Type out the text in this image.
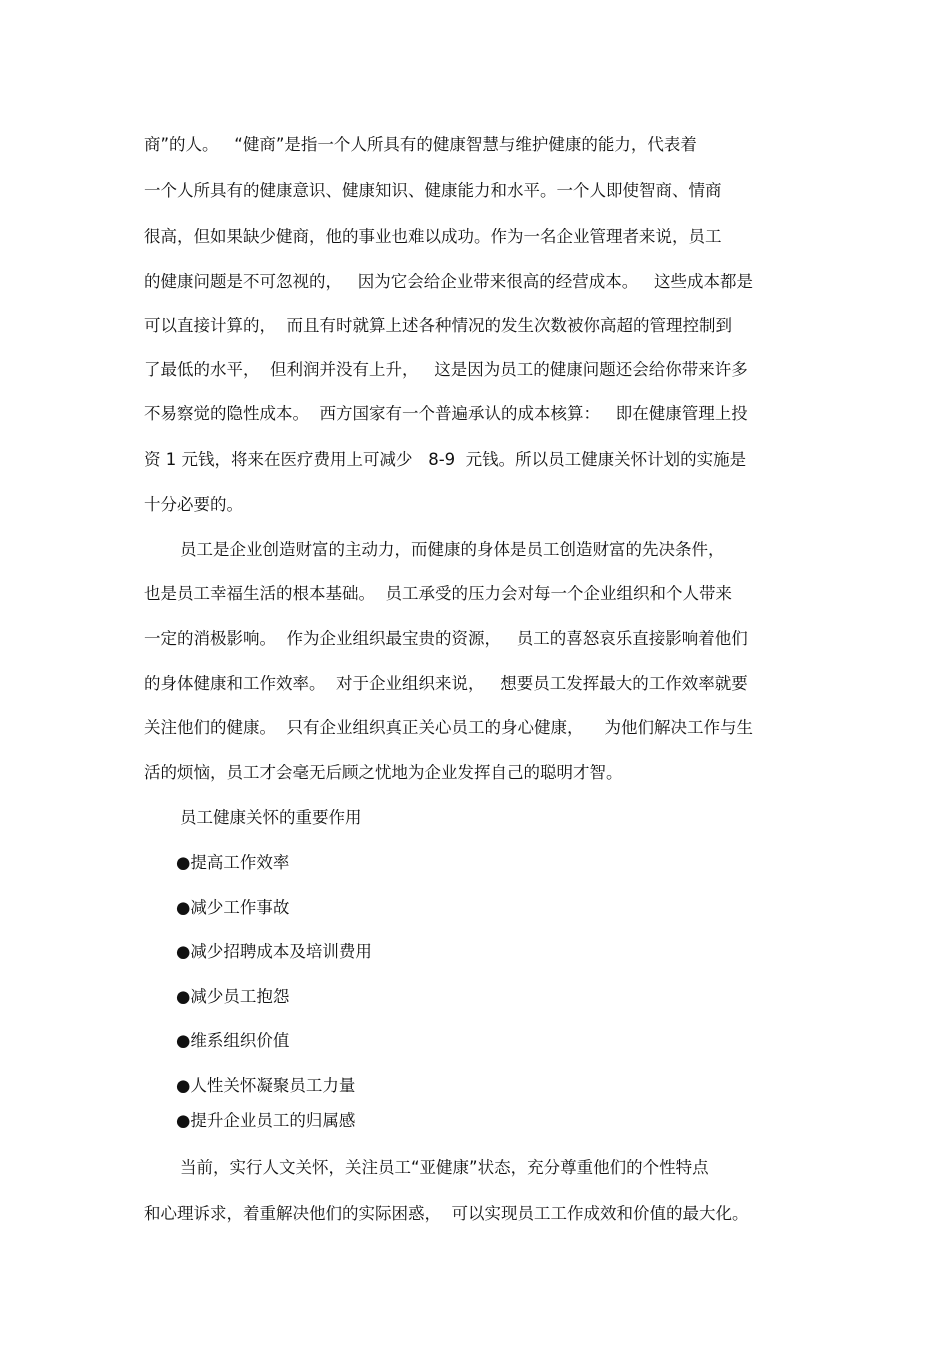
商”的人。   “健商”是指一个人所具有的健康智慧与维护健康的能力，代表着
一个人所具有的健康意识、健康知识、健康能力和水平。一个人即使智商、情商
很高，但如果缺少健商，他的事业也难以成功。作为一名企业管理者来说，员工
的健康问题是不可忽视的，   因为它会给企业带来很高的经营成本。   这些成本都是
可以直接计算的，  而且有时就算上述各种情况的发生次数被你高超的管理控制到
了最低的水平，  但利润并没有上升，   这是因为员工的健康问题还会给你带来许多
不易察觉的隐性成本。  西方国家有一个普遍承认的成本核算：   即在健康管理上投
资 1 元钱，将来在医疗费用上可减少   8-9  元钱。所以员工健康关怀计划的实施是
十分必要的。
员工是企业创造财富的主动力，而健康的身体是员工创造财富的先决条件，
也是员工幸福生活的根本基础。  员工承受的压力会对每一个企业组织和个人带来
一定的消极影响。  作为企业组织最宝贵的资源，   员工的喜怒哀乐直接影响着他们
的身体健康和工作效率。  对于企业组织来说，   想要员工发挥最大的工作效率就要
关注他们的健康。  只有企业组织真正关心员工的身心健康，    为他们解决工作与生
活的烦恼，员工才会毫无后顾之忧地为企业发挥自己的聪明才智。
员工健康关怀的重要作用
●提高工作效率
●减少工作事故
●减少招聘成本及培训费用
●减少员工抱怨
●维系组织价值
●人性关怀凝聚员工力量
●提升企业员工的归属感
当前，实行人文关怀，关注员工“亚健康”状态，充分尊重他们的个性特点
和心理诉求，着重解决他们的实际困惑，  可以实现员工工作成效和价值的最大化。
